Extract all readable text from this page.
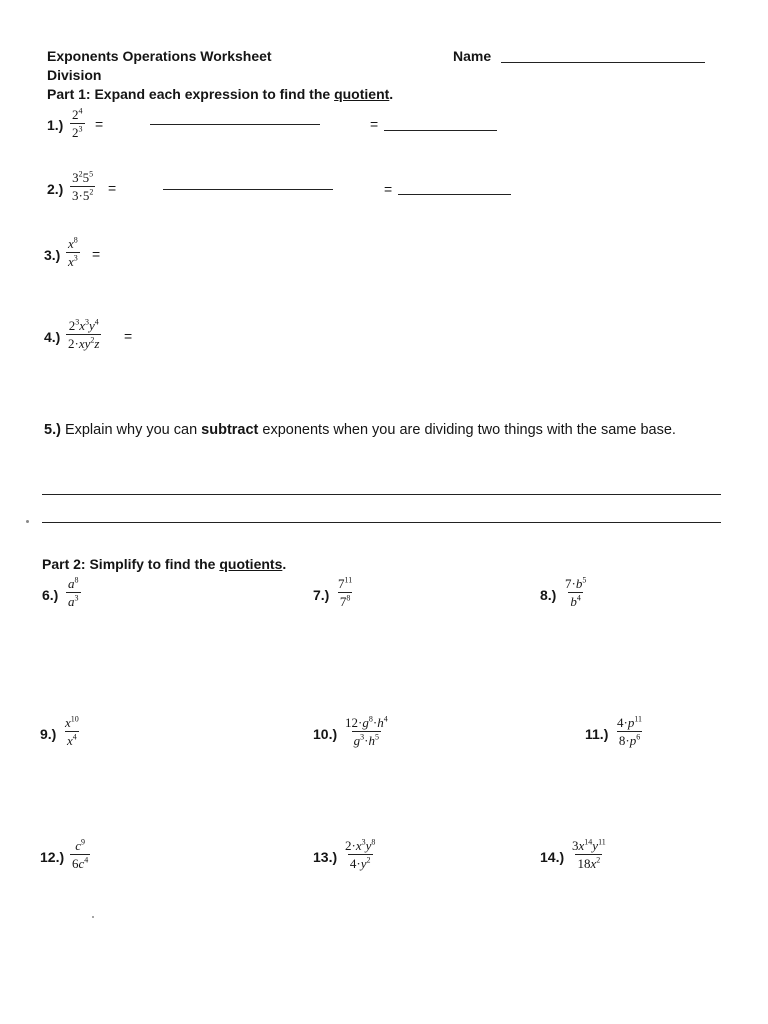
Exponents Operations Worksheet	Name
Division
Part 1: Expand each expression to find the quotient.
$1.) \frac{2^4}{2^3}$ =	=
$2.) \frac{3^25^5}{3\cdot 5^2}$ =	=
$3.) \frac{x^8}{x^3}$ =
$4.) \frac{2^3x^3y^4}{2\cdot xy^2z}$ =
5.) Explain why you can subtract exponents when you are dividing two things with the same base.
Part 2: Simplify to find the quotients.
$6.) \frac{a^8}{a^3}$	$7.) \frac{7^{11}}{7^8}$	$8.) \frac{7\cdot b^5}{b^4}$
$9.) \frac{x^{10}}{x^4}$	$10.) \frac{12\cdot g^8\cdot h^4}{g^3\cdot h^5}$	$11.) \frac{4\cdot p^{11}}{8\cdot p^6}$
$12.) \frac{c^9}{6c^4}$	$13.) \frac{2\cdot x^3y^8}{4\cdot y^2}$	$14.) \frac{3x^{14}y^{11}}{18x^2}$
